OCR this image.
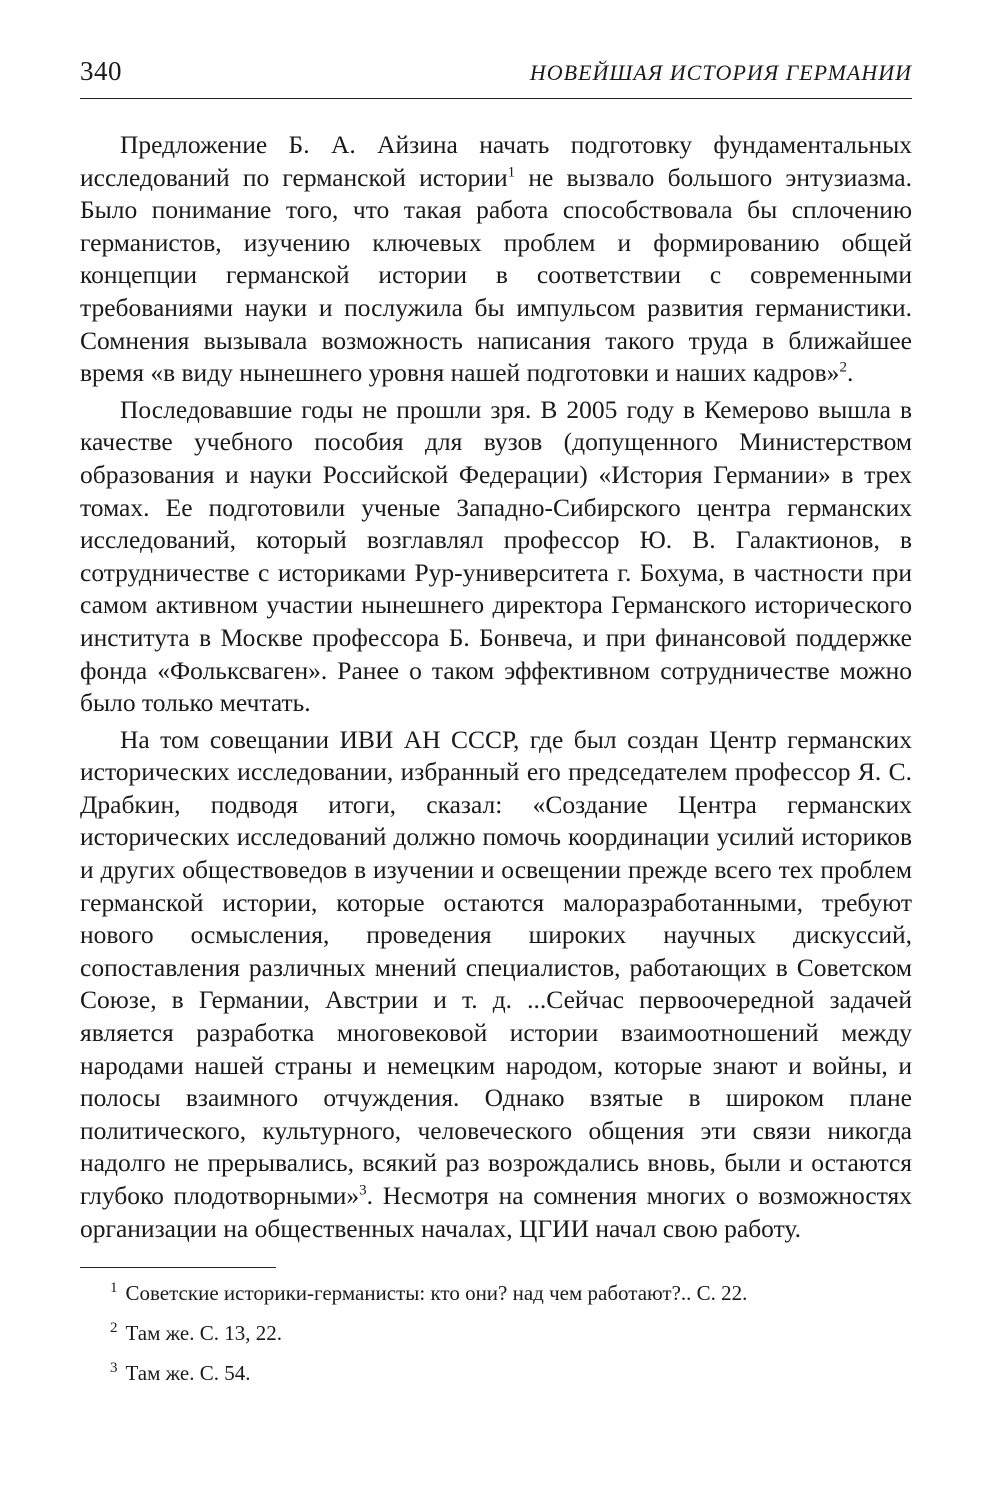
340	НОВЕЙШАЯ ИСТОРИЯ ГЕРМАНИИ

Предложение Б. А. Айзина начать подготовку фундаментальных исследований по германской истории$^1$ не вызвало большого энтузиазма. Было понимание того, что такая работа способствовала бы сплочению германистов, изучению ключевых проблем и формированию общей концепции германской истории в соответствии с современными требованиями науки и послужила бы импульсом развития германистики. Сомнения вызывала возможность написания такого труда в ближайшее время «в виду нынешнего уровня нашей подготовки и наших кадров»$^2$.

Последовавшие годы не прошли зря. В 2005 году в Кемерово вышла в качестве учебного пособия для вузов (допущенного Министерством образования и науки Российской Федерации) «История Германии» в трех томах. Ее подготовили ученые Западно-Сибирского центра германских исследований, который возглавлял профессор Ю. В. Галактионов, в сотрудничестве с историками Рур-университета г. Бохума, в частности при самом активном участии нынешнего директора Германского исторического института в Москве профессора Б. Бонвеча, и при финансовой поддержке фонда «Фольксваген». Ранее о таком эффективном сотрудничестве можно было только мечтать.

На том совещании ИВИ АН СССР, где был создан Центр германских исторических исследовании, избранный его председателем профессор Я. С. Драбкин, подводя итоги, сказал: «Создание Центра германских исторических исследований должно помочь координации усилий историков и других обществоведов в изучении и освещении прежде всего тех проблем германской истории, которые остаются малоразработанными, требуют нового осмысления, проведения широких научных дискуссий, сопоставления различных мнений специалистов, работающих в Советском Союзе, в Германии, Австрии и т. д. ...Сейчас первоочередной задачей является разработка многовековой истории взаимоотношений между народами нашей страны и немецким народом, которые знают и войны, и полосы взаимного отчуждения. Однако взятые в широком плане политического, культурного, человеческого общения эти связи никогда надолго не прерывались, всякий раз возрождались вновь, были и остаются глубоко плодотворными»$^3$. Несмотря на сомнения многих о возможностях организации на общественных началах, ЦГИИ начал свою работу.

$^1$ Советские историки-германисты: кто они? над чем работают?.. С. 22.

$^2$ Там же. С. 13, 22.

$^3$ Там же. С. 54.
